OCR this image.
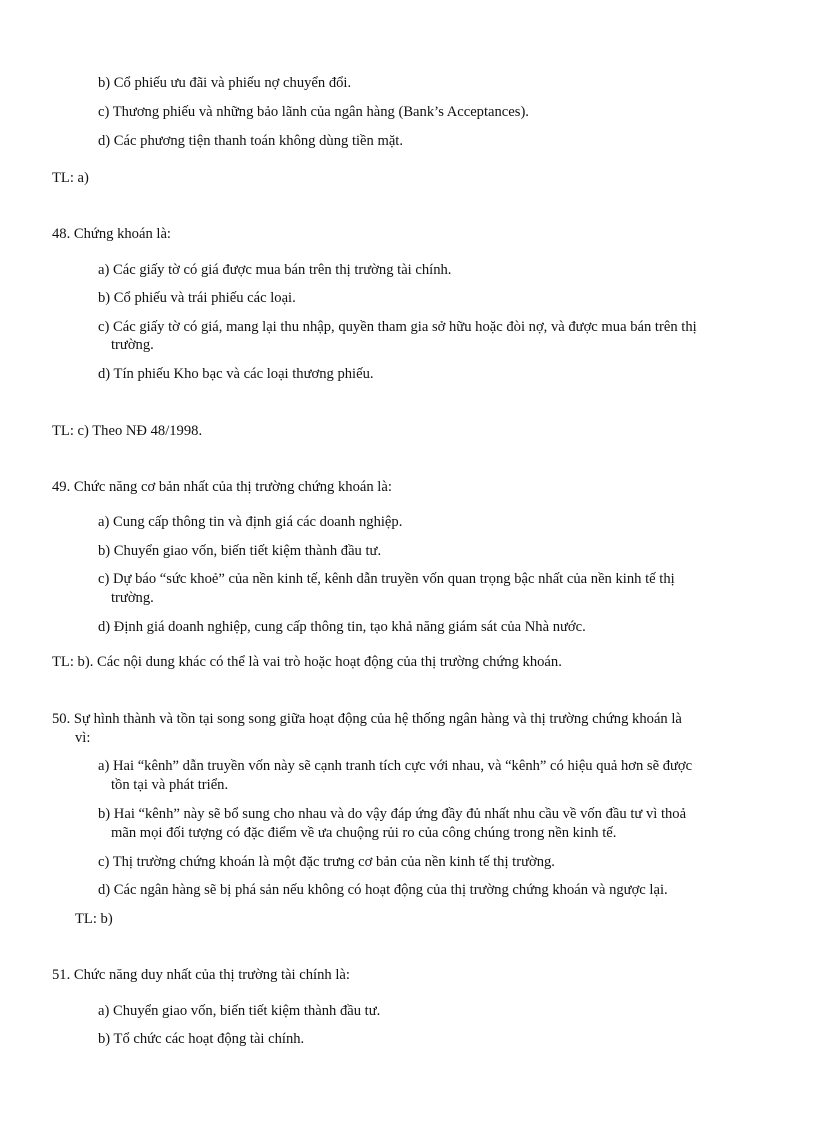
b) Cổ phiếu ưu đãi và phiếu nợ chuyển đổi.
c) Thương phiếu và những bảo lãnh của ngân hàng (Bank’s Acceptances).
d) Các phương tiện thanh toán không dùng tiền mặt.
TL: a)
48. Chứng khoán là:
a) Các giấy tờ có giá được mua bán trên thị trường tài chính.
b) Cổ phiếu và trái phiếu các loại.
c) Các giấy tờ có giá, mang lại thu nhập, quyền tham gia sở hữu hoặc đòi nợ, và được mua bán trên thị
trường.
d) Tín phiếu Kho bạc và các loại thương phiếu.
TL: c) Theo NĐ 48/1998.
49. Chức năng cơ bản nhất của thị trường chứng khoán là:
a) Cung cấp thông tin và định giá các doanh nghiệp.
b) Chuyển giao vốn, biến tiết kiệm thành đầu tư.
c) Dự báo “sức khoẻ” của nền kinh tế, kênh dẫn truyền vốn quan trọng bậc nhất của nền kinh tế thị
trường.
d) Định giá doanh nghiệp, cung cấp thông tin, tạo khả năng giám sát của Nhà nước.
TL: b). Các nội dung khác có thể là vai trò hoặc hoạt động của thị trường chứng khoán.
50. Sự hình thành và tồn tại song song giữa hoạt động của hệ thống ngân hàng và thị trường chứng khoán là
vì:
a) Hai “kênh” dẫn truyền vốn này sẽ cạnh tranh tích cực với nhau, và “kênh” có hiệu quả hơn sẽ được
tồn tại và phát triển.
b) Hai “kênh” này sẽ bổ sung cho nhau và do vậy đáp ứng đầy đủ nhất nhu cầu về vốn đầu tư vì thoả
mãn mọi đối tượng có đặc điểm về ưa chuộng rủi ro của công chúng trong nền kinh tế.
c) Thị trường chứng khoán là một đặc trưng cơ bản của nền kinh tế thị trường.
d) Các ngân hàng sẽ bị phá sản nếu không có hoạt động của thị trường chứng khoán và ngược lại.
TL: b)
51. Chức năng duy nhất của thị trường tài chính là:
a) Chuyển giao vốn, biến tiết kiệm thành đầu tư.
b) Tổ chức các hoạt động tài chính.
